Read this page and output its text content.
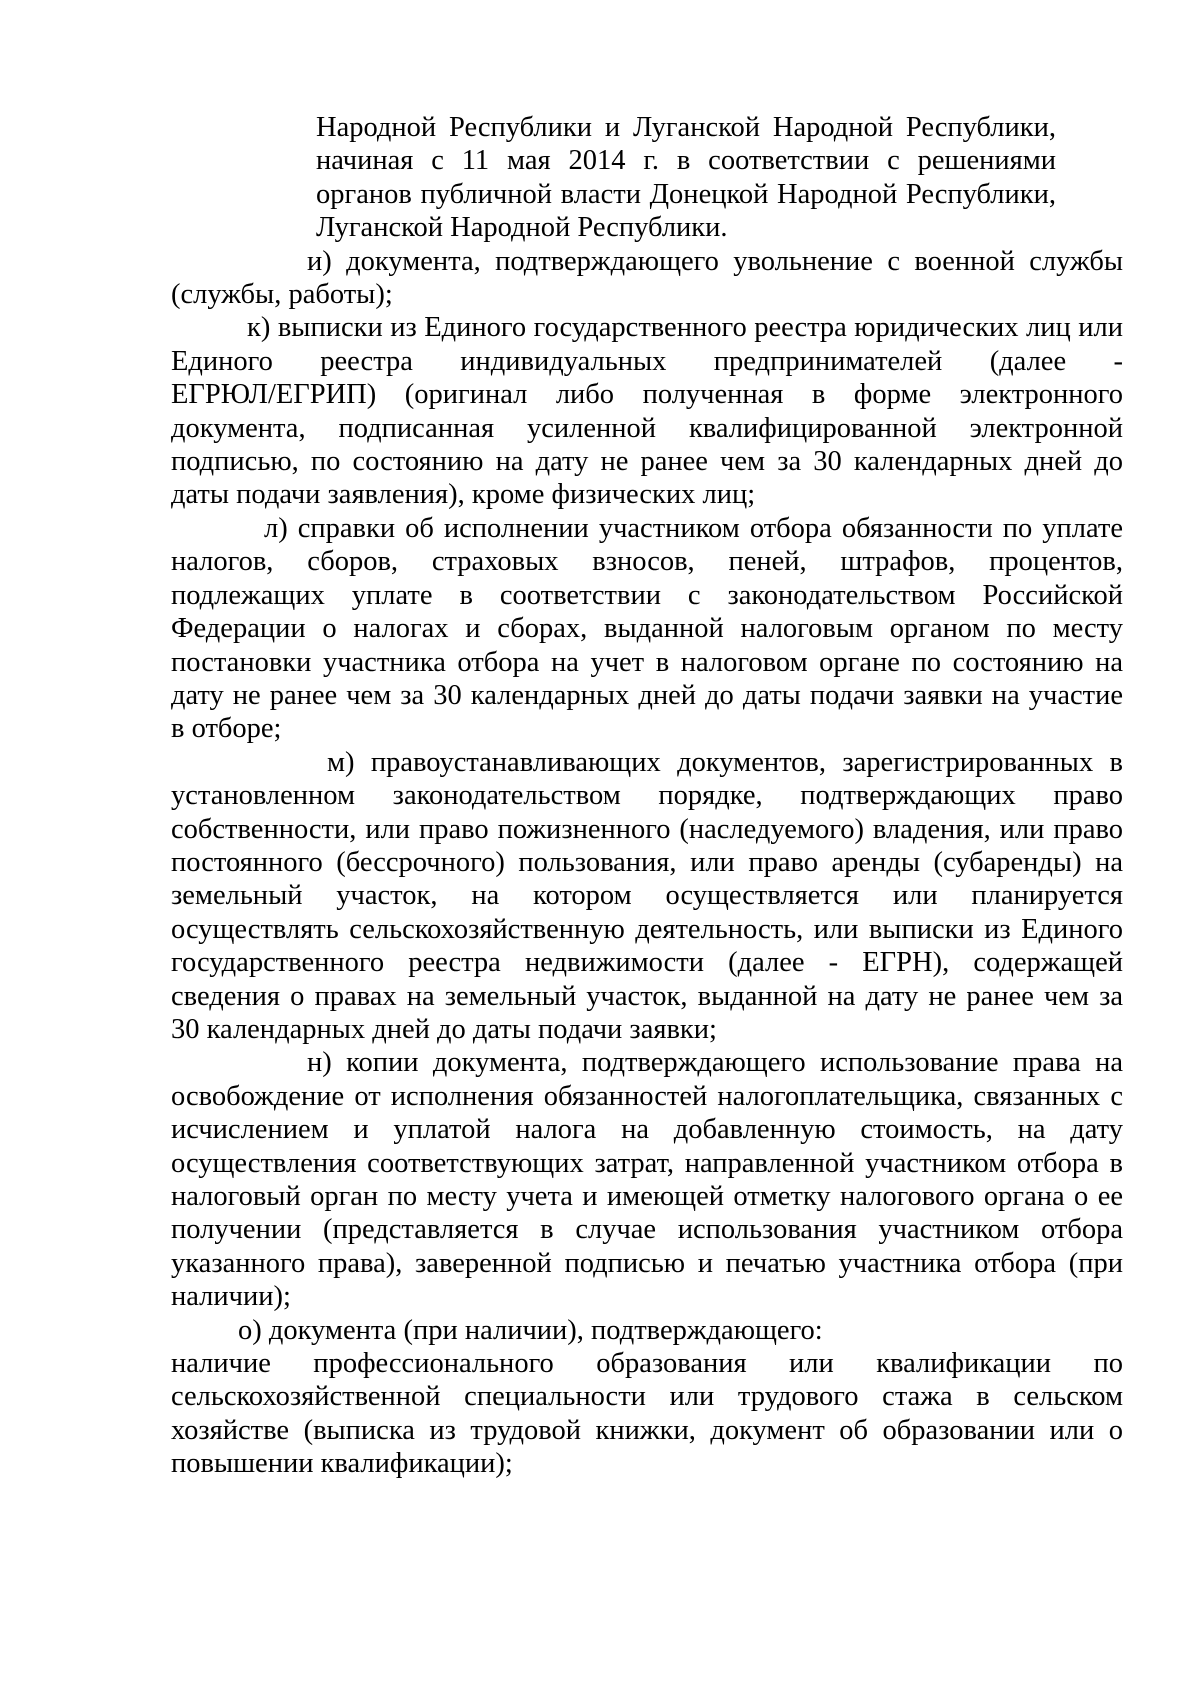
Народной Республики и Луганской Народной Республики,
начиная с 11 мая 2014 г. в соответствии с решениями
органов публичной власти Донецкой Народной Республики,
Луганской Народной Республики.
и) документа, подтверждающего увольнение с военной службы
(службы, работы);
к) выписки из Единого государственного реестра юридических лиц или
Единого реестра индивидуальных предпринимателей (далее -
ЕГРЮЛ/ЕГРИП) (оригинал либо полученная в форме электронного
документа, подписанная усиленной квалифицированной электронной
подписью, по состоянию на дату не ранее чем за 30 календарных дней до
даты подачи заявления), кроме физических лиц;
л) справки об исполнении участником отбора обязанности по уплате
налогов, сборов, страховых взносов, пеней, штрафов, процентов,
подлежащих уплате в соответствии с законодательством Российской
Федерации о налогах и сборах, выданной налоговым органом по месту
постановки участника отбора на учет в налоговом органе по состоянию на
дату не ранее чем за 30 календарных дней до даты подачи заявки на участие
в отборе;
м) правоустанавливающих документов, зарегистрированных в
установленном законодательством порядке, подтверждающих право
собственности, или право пожизненного (наследуемого) владения, или право
постоянного (бессрочного) пользования, или право аренды (субаренды) на
земельный участок, на котором осуществляется или планируется
осуществлять сельскохозяйственную деятельность, или выписки из Единого
государственного реестра недвижимости (далее - ЕГРН), содержащей
сведения о правах на земельный участок, выданной на дату не ранее чем за
30 календарных дней до даты подачи заявки;
н) копии документа, подтверждающего использование права на
освобождение от исполнения обязанностей налогоплательщика, связанных с
исчислением и уплатой налога на добавленную стоимость, на дату
осуществления соответствующих затрат, направленной участником отбора в
налоговый орган по месту учета и имеющей отметку налогового органа о ее
получении (представляется в случае использования участником отбора
указанного права), заверенной подписью и печатью участника отбора (при
наличии);
о) документа (при наличии), подтверждающего:
наличие профессионального образования или квалификации по
сельскохозяйственной специальности или трудового стажа в сельском
хозяйстве (выписка из трудовой книжки, документ об образовании или о
повышении квалификации);
